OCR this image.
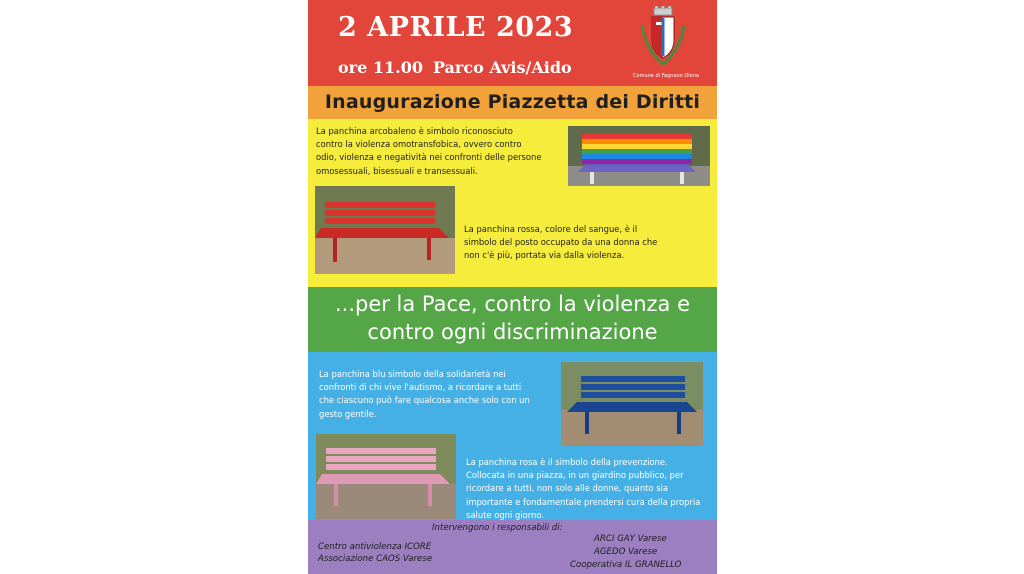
2 APRILE 2023
ore 11.00 Parco Avis/Aido	Comune di Fagnano Olona
Inaugurazione Piazzetta dei Diritti
La panchina arcobaleno è simbolo riconosciuto
contro la violenza omotransfobica, ovvero contro
odio, violenza e negatività nei confronti delle persone
omosessuali, bisessuali e transessuali.
La panchina rossa, colore del sangue, è il
simbolo del posto occupato da una donna che
non c'è più, portata via dalla violenza.
...per la Pace, contro la violenza e
contro ogni discriminazione
La panchina blu simbolo della solidarietà nei
confronti di chi vive l'autismo, a ricordare a tutti
che ciascuno può fare qualcosa anche solo con un
gesto gentile.
La panchina rosa è il simbolo della prevenzione.
Collocata in una piazza, in un giardino pubblico, per
ricordare a tutti, non solo alle donne, quanto sia
importante e fondamentale prendersi cura della propria
salute ogni giorno.
Intervengono i responsabili di:
Centro antiviolenza ICORE
Associazione CAOS Varese
ARCI GAY Varese
AGEDO Varese
Cooperativa IL GRANELLO
